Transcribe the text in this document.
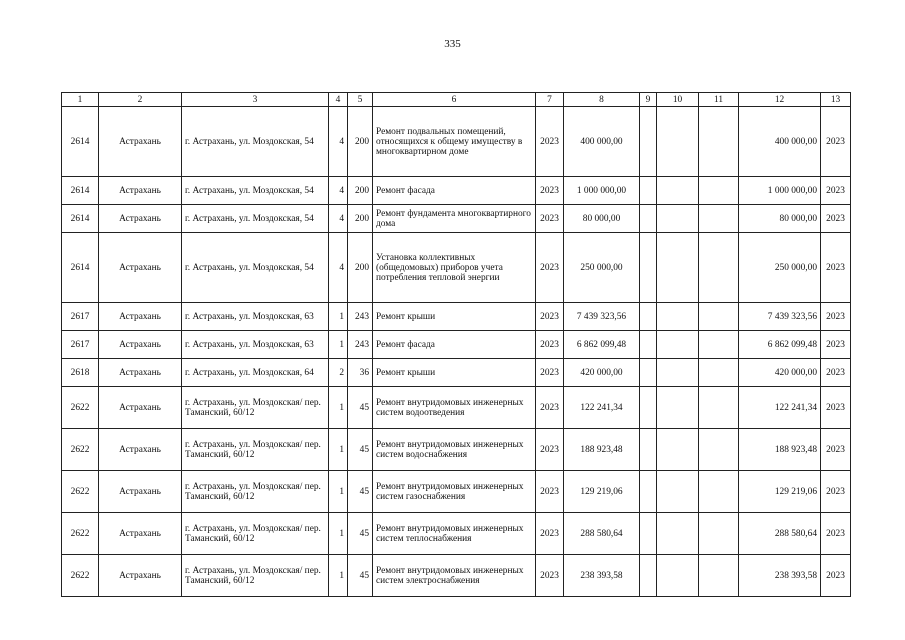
335
1	2	3	4	5	6	7	8	9	10	11	12	13
2614	Астрахань	г. Астрахань, ул. Моздокская, 54	4	200	Ремонт подвальных помещений, относящихся к общему имуществу в многоквартирном доме	2023	400 000,00				400 000,00	2023
2614	Астрахань	г. Астрахань, ул. Моздокская, 54	4	200	Ремонт фасада	2023	1 000 000,00				1 000 000,00	2023
2614	Астрахань	г. Астрахань, ул. Моздокская, 54	4	200	Ремонт фундамента многоквартирного дома	2023	80 000,00				80 000,00	2023
2614	Астрахань	г. Астрахань, ул. Моздокская, 54	4	200	Установка коллективных (общедомовых) приборов учета потребления тепловой энергии	2023	250 000,00				250 000,00	2023
2617	Астрахань	г. Астрахань, ул. Моздокская, 63	1	243	Ремонт крыши	2023	7 439 323,56				7 439 323,56	2023
2617	Астрахань	г. Астрахань, ул. Моздокская, 63	1	243	Ремонт фасада	2023	6 862 099,48				6 862 099,48	2023
2618	Астрахань	г. Астрахань, ул. Моздокская, 64	2	36	Ремонт крыши	2023	420 000,00				420 000,00	2023
2622	Астрахань	г. Астрахань, ул. Моздокская/ пер. Таманский, 60/12	1	45	Ремонт внутридомовых инженерных систем водоотведения	2023	122 241,34				122 241,34	2023
2622	Астрахань	г. Астрахань, ул. Моздокская/ пер. Таманский, 60/12	1	45	Ремонт внутридомовых инженерных систем водоснабжения	2023	188 923,48				188 923,48	2023
2622	Астрахань	г. Астрахань, ул. Моздокская/ пер. Таманский, 60/12	1	45	Ремонт внутридомовых инженерных систем газоснабжения	2023	129 219,06				129 219,06	2023
2622	Астрахань	г. Астрахань, ул. Моздокская/ пер. Таманский, 60/12	1	45	Ремонт внутридомовых инженерных систем теплоснабжения	2023	288 580,64				288 580,64	2023
2622	Астрахань	г. Астрахань, ул. Моздокская/ пер. Таманский, 60/12	1	45	Ремонт внутридомовых инженерных систем электроснабжения	2023	238 393,58				238 393,58	2023
